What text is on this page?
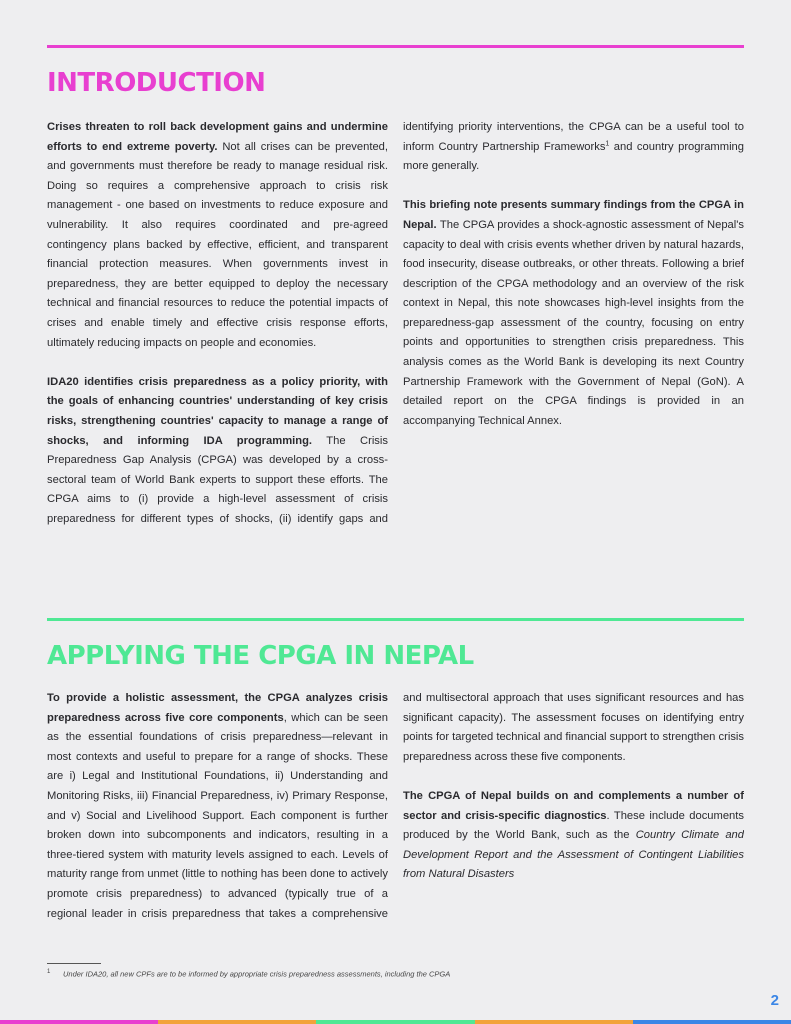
INTRODUCTION

Crises threaten to roll back development gains and undermine efforts to end extreme poverty. Not all crises can be prevented, and governments must therefore be ready to manage residual risk. Doing so requires a comprehensive approach to crisis risk management - one based on investments to reduce exposure and vulnerability. It also requires coordinated and pre-agreed contingency plans backed by effective, efficient, and transparent financial protection measures. When governments invest in preparedness, they are better equipped to deploy the necessary technical and financial resources to reduce the potential impacts of crises and enable timely and effective crisis response efforts, ultimately reducing impacts on people and economies.

IDA20 identifies crisis preparedness as a policy priority, with the goals of enhancing countries' understanding of key crisis risks, strengthening countries' capacity to manage a range of shocks, and informing IDA programming. The Crisis Preparedness Gap Analysis (CPGA) was developed by a cross-sectoral team of World Bank experts to support these efforts. The CPGA aims to (i) provide a high-level assessment of crisis preparedness for different types of shocks, (ii) identify gaps and

identifying priority interventions, the CPGA can be a useful tool to inform Country Partnership Frameworks$^1$ and country programming more generally.

This briefing note presents summary findings from the CPGA in Nepal. The CPGA provides a shock-agnostic assessment of Nepal's capacity to deal with crisis events whether driven by natural hazards, food insecurity, disease outbreaks, or other threats. Following a brief description of the CPGA methodology and an overview of the risk context in Nepal, this note showcases high-level insights from the preparedness-gap assessment of the country, focusing on entry points and opportunities to strengthen crisis preparedness. This analysis comes as the World Bank is developing its next Country Partnership Framework with the Government of Nepal (GoN). A detailed report on the CPGA findings is provided in an accompanying Technical Annex.

APPLYING THE CPGA IN NEPAL

To provide a holistic assessment, the CPGA analyzes crisis preparedness across five core components, which can be seen as the essential foundations of crisis preparedness—relevant in most contexts and useful to prepare for a range of shocks. These are i) Legal and Institutional Foundations, ii) Understanding and Monitoring Risks, iii) Financial Preparedness, iv) Primary Response, and v) Social and Livelihood Support. Each component is further broken down into subcomponents and indicators, resulting in a three-tiered system with maturity levels assigned to each. Levels of maturity range from unmet (little to nothing has been done to actively promote crisis preparedness) to advanced (typically true of a regional leader in crisis preparedness that takes a comprehensive

and multisectoral approach that uses significant resources and has significant capacity). The assessment focuses on identifying entry points for targeted technical and financial support to strengthen crisis preparedness across these five components.

The CPGA of Nepal builds on and complements a number of sector and crisis-specific diagnostics. These include documents produced by the World Bank, such as the Country Climate and Development Report and the Assessment of Contingent Liabilities from Natural Disasters

1 Under IDA20, all new CPFs are to be informed by appropriate crisis preparedness assessments, including the CPGA
2
